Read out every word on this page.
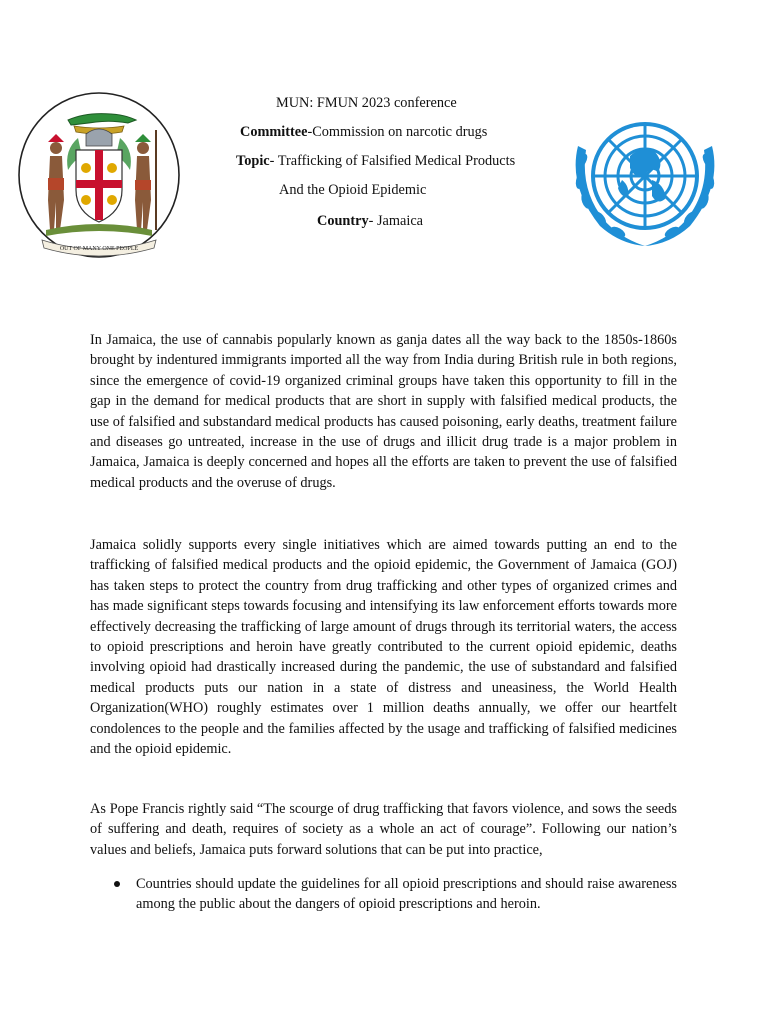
OUT OF MANY ONE PEOPLE
MUN: FMUN 2023 conference
Committee-Commission on narcotic drugs
Topic- Trafficking of Falsified Medical Products
And the Opioid Epidemic
Country- Jamaica

In Jamaica, the use of cannabis popularly known as ganja dates all the way back to the 1850s-1860s brought by indentured immigrants imported all the way from India during British rule in both regions, since the emergence of covid-19 organized criminal groups have taken this opportunity to fill in the gap in the demand for medical products that are short in supply with falsified medical products, the use of falsified and substandard medical products has caused poisoning, early deaths, treatment failure and diseases go untreated, increase in the use of drugs and illicit drug trade is a major problem in Jamaica, Jamaica is deeply concerned and hopes all the efforts are taken to prevent the use of falsified medical products and the overuse of drugs.

Jamaica solidly supports every single initiatives which are aimed towards putting an end to the trafficking of falsified medical products and the opioid epidemic, the Government of Jamaica (GOJ) has taken steps to protect the country from drug trafficking and other types of organized crimes and has made significant steps towards focusing and intensifying its law enforcement efforts towards more effectively decreasing the trafficking of large amount of drugs through its territorial waters, the access to opioid prescriptions and heroin have greatly contributed to the current opioid epidemic, deaths involving opioid had drastically increased during the pandemic, the use of substandard and falsified medical products puts our nation in a state of distress and uneasiness, the World Health Organization(WHO) roughly estimates over 1 million deaths annually, we offer our heartfelt condolences to the people and the families affected by the usage and trafficking of falsified medicines and the opioid epidemic.

As Pope Francis rightly said “The scourge of drug trafficking that favors violence, and sows the seeds of suffering and death, requires of society as a whole an act of courage”. Following our nation’s values and beliefs, Jamaica puts forward solutions that can be put into practice,

Countries should update the guidelines for all opioid prescriptions and should raise awareness among the public about the dangers of opioid prescriptions and heroin.
